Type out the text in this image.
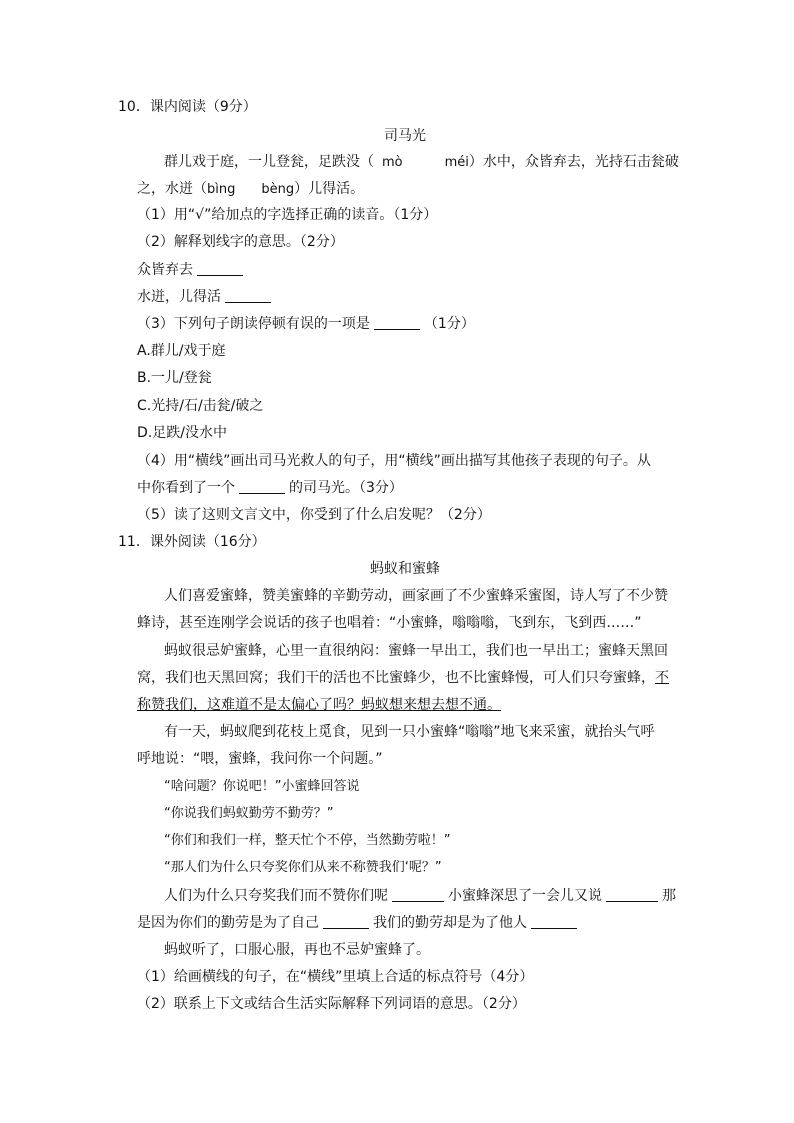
10．课内阅读（9分）
司马光
群儿戏于庭，一儿登瓮，足跌没（ mò	méi）水中，众皆弃去，光持石击瓮破
之，水迸（bìng bèng）儿得活。
（1）用“√”给加点的字选择正确的读音。（1分）
（2）解释划线字的意思。（2分）
众皆弃去
水迸，儿得活
（3）下列句子朗读停顿有误的一项是	（1分）
A.群儿/戏于庭
B.一儿/登瓮
C.光持/石/击瓮/破之
D.足跌/没水中
（4）用“横线”画出司马光救人的句子，用“横线”画出描写其他孩子表现的句子。从
中你看到了一个	的司马光。（3分）
（5）读了这则文言文中，你受到了什么启发呢？（2分）
11．课外阅读（16分）
蚂蚁和蜜蜂
人们喜爱蜜蜂，赞美蜜蜂的辛勤劳动，画家画了不少蜜蜂采蜜图，诗人写了不少赞
蜂诗，甚至连刚学会说话的孩子也唱着：“小蜜蜂，嗡嗡嗡，飞到东，飞到西……”
蚂蚁很忌妒蜜蜂，心里一直很纳闷：蜜蜂一早出工，我们也一早出工；蜜蜂天黑回
窝，我们也天黑回窝；我们干的活也不比蜜蜂少，也不比蜜蜂慢，可人们只夸蜜蜂，不
称赞我们，这难道不是太偏心了吗？蚂蚁想来想去想不通。
有一天，蚂蚁爬到花枝上觅食，见到一只小蜜蜂“嗡嗡”地飞来采蜜，就抬头气呼
呼地说：“喂，蜜蜂，我问你一个问题。”
“啥问题？你说吧！”小蜜蜂回答说
“你说我们蚂蚁勤劳不勤劳？”
“你们和我们一样，整天忙个不停，当然勤劳啦！”
“那人们为什么只夸奖你们从来不称赞我们‘呢？”
人们为什么只夸奖我们而不赞你们呢	小蜜蜂深思了一会儿又说	那
是因为你们的勤劳是为了自己	我们的勤劳却是为了他人
蚂蚁听了，口服心服，再也不忌妒蜜蜂了。
（1）给画横线的句子，在“横线”里填上合适的标点符号（4分）
（2）联系上下文或结合生活实际解释下列词语的意思。（2分）
